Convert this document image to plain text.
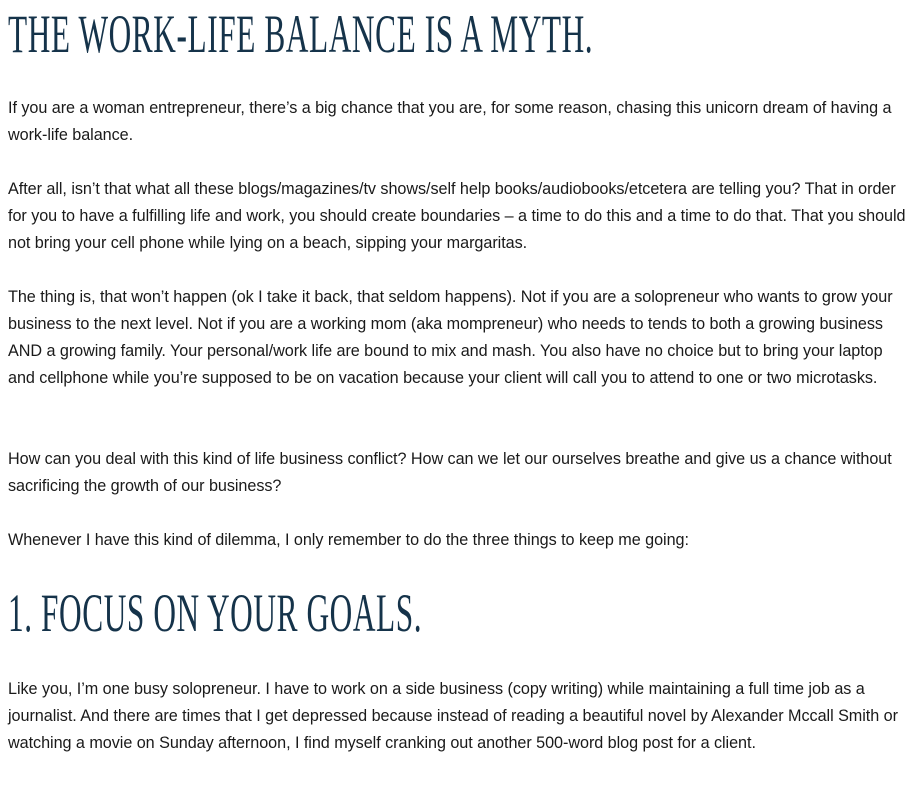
THE WORK-LIFE BALANCE IS A MYTH.

If you are a woman entrepreneur, there’s a big chance that you are, for some reason, chasing this unicorn dream of having a work-life balance.

After all, isn’t that what all these blogs/magazines/tv shows/self help books/audiobooks/etcetera are telling you? That in order for you to have a fulfilling life and work, you should create boundaries – a time to do this and a time to do that. That you should not bring your cell phone while lying on a beach, sipping your margaritas.

The thing is, that won’t happen (ok I take it back, that seldom happens). Not if you are a solopreneur who wants to grow your business to the next level. Not if you are a working mom (aka mompreneur) who needs to tends to both a growing business AND a growing family. Your personal/work life are bound to mix and mash. You also have no choice but to bring your laptop and cellphone while you’re supposed to be on vacation because your client will call you to attend to one or two microtasks.

How can you deal with this kind of life business conflict? How can we let our ourselves breathe and give us a chance without sacrificing the growth of our business?

Whenever I have this kind of dilemma, I only remember to do the three things to keep me going:

1. FOCUS ON YOUR GOALS.

Like you, I’m one busy solopreneur. I have to work on a side business (copy writing) while maintaining a full time job as a journalist. And there are times that I get depressed because instead of reading a beautiful novel by Alexander Mccall Smith or watching a movie on Sunday afternoon, I find myself cranking out another 500-word blog post for a client.
